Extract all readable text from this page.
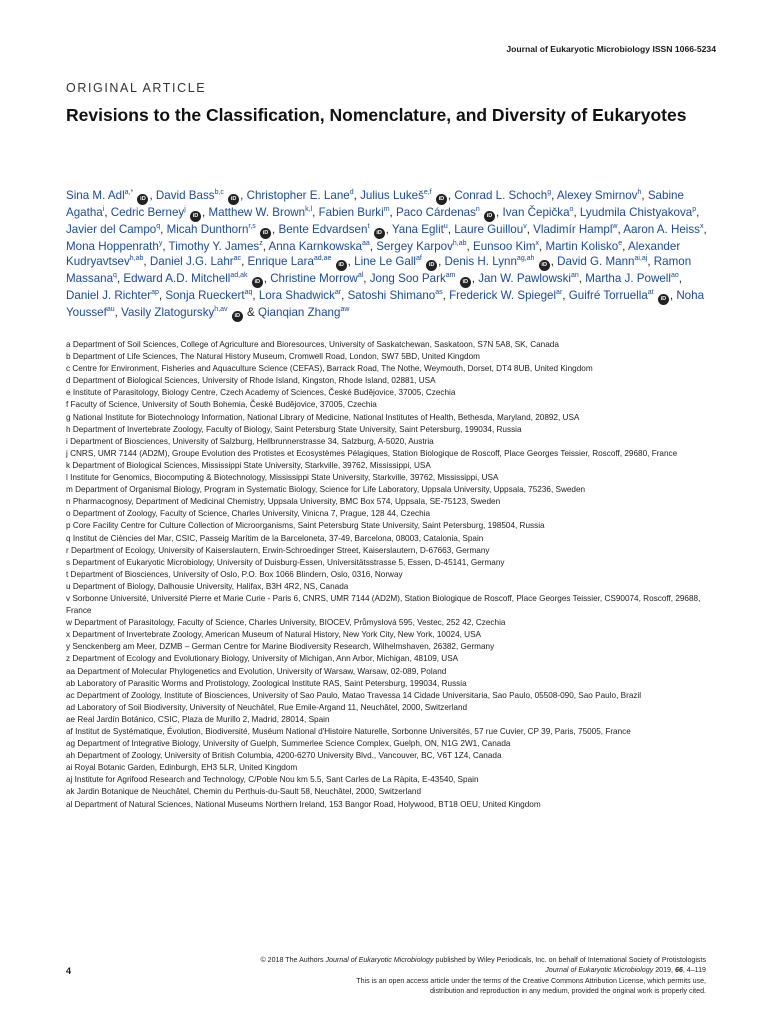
Journal of Eukaryotic Microbiology ISSN 1066-5234
ORIGINAL ARTICLE
Revisions to the Classification, Nomenclature, and Diversity of Eukaryotes
Sina M. Adl$^{a,*}$ iD , David Bass$^{b,c}$ iD , Christopher E. Lane$^d$, Julius Lukeš$^{e,f}$ iD , Conrad L. Schoch$^g$, Alexey Smirnov$^h$, Sabine Agatha$^i$, Cedric Berney$^j$ iD , Matthew W. Brown$^{k,l}$, Fabien Burki$^m$, Paco Cárdenas$^n$ iD , Ivan Čepička$^o$, Lyudmila Chistyakova$^p$, Javier del Campo$^q$, Micah Dunthorn$^{r,s}$ iD , Bente Edvardsen$^t$ iD , Yana Eglit$^u$, Laure Guillou$^v$, Vladimír Hampl$^w$, Aaron A. Heiss$^x$, Mona Hoppenrath$^y$, Timothy Y. James$^z$, Anna Karnkowska$^{aa}$, Sergey Karpov$^{h,ab}$, Eunsoo Kim$^x$, Martin Kolisko$^e$, Alexander Kudryavtsev$^{h,ab}$, Daniel J.G. Lahr$^{ac}$, Enrique Lara$^{ad,ae}$ iD , Line Le Gall$^{af}$ iD , Denis H. Lynn$^{ag,ah}$ iD , David G. Mann$^{ai,aj}$, Ramon Massana$^q$, Edward A.D. Mitchell$^{ad,ak}$ iD , Christine Morrow$^{al}$, Jong Soo Park$^{am}$ iD , Jan W. Pawlowski$^{an}$, Martha J. Powell$^{ao}$, Daniel J. Richter$^{ap}$, Sonja Rueckert$^{aq}$, Lora Shadwick$^{ar}$, Satoshi Shimano$^{as}$, Frederick W. Spiegel$^{ar}$, Guifré Torruella$^{at}$ iD , Noha Youssef$^{au}$, Vasily Zlatogursky$^{h,av}$ iD & Qianqian Zhang$^{aw}$
a Department of Soil Sciences, College of Agriculture and Bioresources, University of Saskatchewan, Saskatoon, S7N 5A8, SK, Canada
b Department of Life Sciences, The Natural History Museum, Cromwell Road, London, SW7 5BD, United Kingdom
c Centre for Environment, Fisheries and Aquaculture Science (CEFAS), Barrack Road, The Nothe, Weymouth, Dorset, DT4 8UB, United Kingdom
d Department of Biological Sciences, University of Rhode Island, Kingston, Rhode Island, 02881, USA
e Institute of Parasitology, Biology Centre, Czech Academy of Sciences, České Budějovice, 37005, Czechia
f Faculty of Science, University of South Bohemia, České Budějovice, 37005, Czechia
g National Institute for Biotechnology Information, National Library of Medicine, National Institutes of Health, Bethesda, Maryland, 20892, USA
h Department of Invertebrate Zoology, Faculty of Biology, Saint Petersburg State University, Saint Petersburg, 199034, Russia
i Department of Biosciences, University of Salzburg, Hellbrunnerstrasse 34, Salzburg, A-5020, Austria
j CNRS, UMR 7144 (AD2M), Groupe Evolution des Protistes et Ecosystèmes Pélagiques, Station Biologique de Roscoff, Place Georges Teissier, Roscoff, 29680, France
k Department of Biological Sciences, Mississippi State University, Starkville, 39762, Mississippi, USA
l Institute for Genomics, Biocomputing & Biotechnology, Mississippi State University, Starkville, 39762, Mississippi, USA
m Department of Organismal Biology, Program in Systematic Biology, Science for Life Laboratory, Uppsala University, Uppsala, 75236, Sweden
n Pharmacognosy, Department of Medicinal Chemistry, Uppsala University, BMC Box 574, Uppsala, SE-75123, Sweden
o Department of Zoology, Faculty of Science, Charles University, Vinicna 7, Prague, 128 44, Czechia
p Core Facility Centre for Culture Collection of Microorganisms, Saint Petersburg State University, Saint Petersburg, 198504, Russia
q Institut de Ciències del Mar, CSIC, Passeig Marítim de la Barceloneta, 37-49, Barcelona, 08003, Catalonia, Spain
r Department of Ecology, University of Kaiserslautern, Erwin-Schroedinger Street, Kaiserslautern, D-67663, Germany
s Department of Eukaryotic Microbiology, University of Duisburg-Essen, Universitätsstrasse 5, Essen, D-45141, Germany
t Department of Biosciences, University of Oslo, P.O. Box 1066 Blindern, Oslo, 0316, Norway
u Department of Biology, Dalhousie University, Halifax, B3H 4R2, NS, Canada
v Sorbonne Université, Université Pierre et Marie Curie - Paris 6, CNRS, UMR 7144 (AD2M), Station Biologique de Roscoff, Place Georges Teissier, CS90074, Roscoff, 29688, France
w Department of Parasitology, Faculty of Science, Charles University, BIOCEV, Průmyslová 595, Vestec, 252 42, Czechia
x Department of Invertebrate Zoology, American Museum of Natural History, New York City, New York, 10024, USA
y Senckenberg am Meer, DZMB – German Centre for Marine Biodiversity Research, Wilhelmshaven, 26382, Germany
z Department of Ecology and Evolutionary Biology, University of Michigan, Ann Arbor, Michigan, 48109, USA
aa Department of Molecular Phylogenetics and Evolution, University of Warsaw, Warsaw, 02-089, Poland
ab Laboratory of Parasitic Worms and Protistology, Zoological Institute RAS, Saint Petersburg, 199034, Russia
ac Department of Zoology, Institute of Biosciences, University of Sao Paulo, Matao Travessa 14 Cidade Universitaria, Sao Paulo, 05508-090, Sao Paulo, Brazil
ad Laboratory of Soil Biodiversity, University of Neuchâtel, Rue Emile-Argand 11, Neuchâtel, 2000, Switzerland
ae Real Jardín Botánico, CSIC, Plaza de Murillo 2, Madrid, 28014, Spain
af Institut de Systématique, Évolution, Biodiversité, Muséum National d'Histoire Naturelle, Sorbonne Universités, 57 rue Cuvier, CP 39, Paris, 75005, France
ag Department of Integrative Biology, University of Guelph, Summerlee Science Complex, Guelph, ON, N1G 2W1, Canada
ah Department of Zoology, University of British Columbia, 4200-6270 University Blvd., Vancouver, BC, V6T 1Z4, Canada
ai Royal Botanic Garden, Edinburgh, EH3 5LR, United Kingdom
aj Institute for Agrifood Research and Technology, C/Poble Nou km 5.5, Sant Carles de La Ràpita, E-43540, Spain
ak Jardin Botanique de Neuchâtel, Chemin du Perthuis-du-Sault 58, Neuchâtel, 2000, Switzerland
al Department of Natural Sciences, National Museums Northern Ireland, 153 Bangor Road, Holywood, BT18 OEU, United Kingdom
4
© 2018 The Authors Journal of Eukaryotic Microbiology published by Wiley Periodicals, Inc. on behalf of International Society of Protistologists
Journal of Eukaryotic Microbiology 2019, 66, 4–119
This is an open access article under the terms of the Creative Commons Attribution License, which permits use,
distribution and reproduction in any medium, provided the original work is properly cited.
